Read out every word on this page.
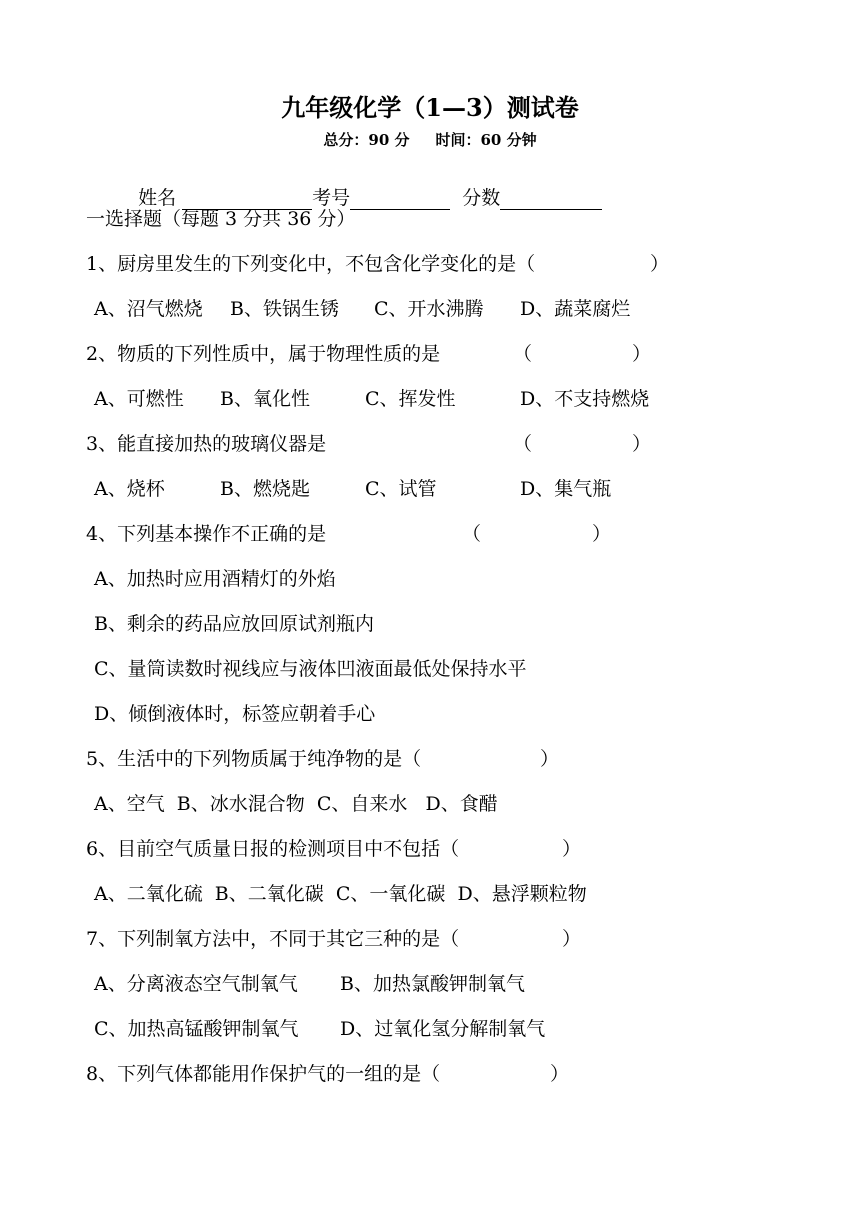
九年级化学（1—3）测试卷
总分：90 分 时间：60 分钟

姓名	考号	分数

一选择题（每题 3 分共 36 分）
1、厨房里发生的下列变化中，不包含化学变化的是（	）
A、沼气燃烧 B、铁锅生锈 C、开水沸腾 D、蔬菜腐烂
2、物质的下列性质中，属于物理性质的是	（	）
A、可燃性 B、氧化性	C、挥发性	D、不支持燃烧
3、能直接加热的玻璃仪器是	（	）
A、烧杯	B、燃烧匙	C、试管	D、集气瓶
4、下列基本操作不正确的是	（	）
A、加热时应用酒精灯的外焰
B、剩余的药品应放回原试剂瓶内
C、量筒读数时视线应与液体凹液面最低处保持水平
D、倾倒液体时，标签应朝着手心
5、生活中的下列物质属于纯净物的是（	）
A、空气  B、冰水混合物  C、自来水   D、食醋
6、目前空气质量日报的检测项目中不包括（	）
A、二氧化硫  B、二氧化碳  C、一氧化碳  D、悬浮颗粒物
7、下列制氧方法中，不同于其它三种的是（	）
A、分离液态空气制氧气 B、加热氯酸钾制氧气
C、加热高锰酸钾制氧气 D、过氧化氢分解制氧气
8、下列气体都能用作保护气的一组的是（	）
